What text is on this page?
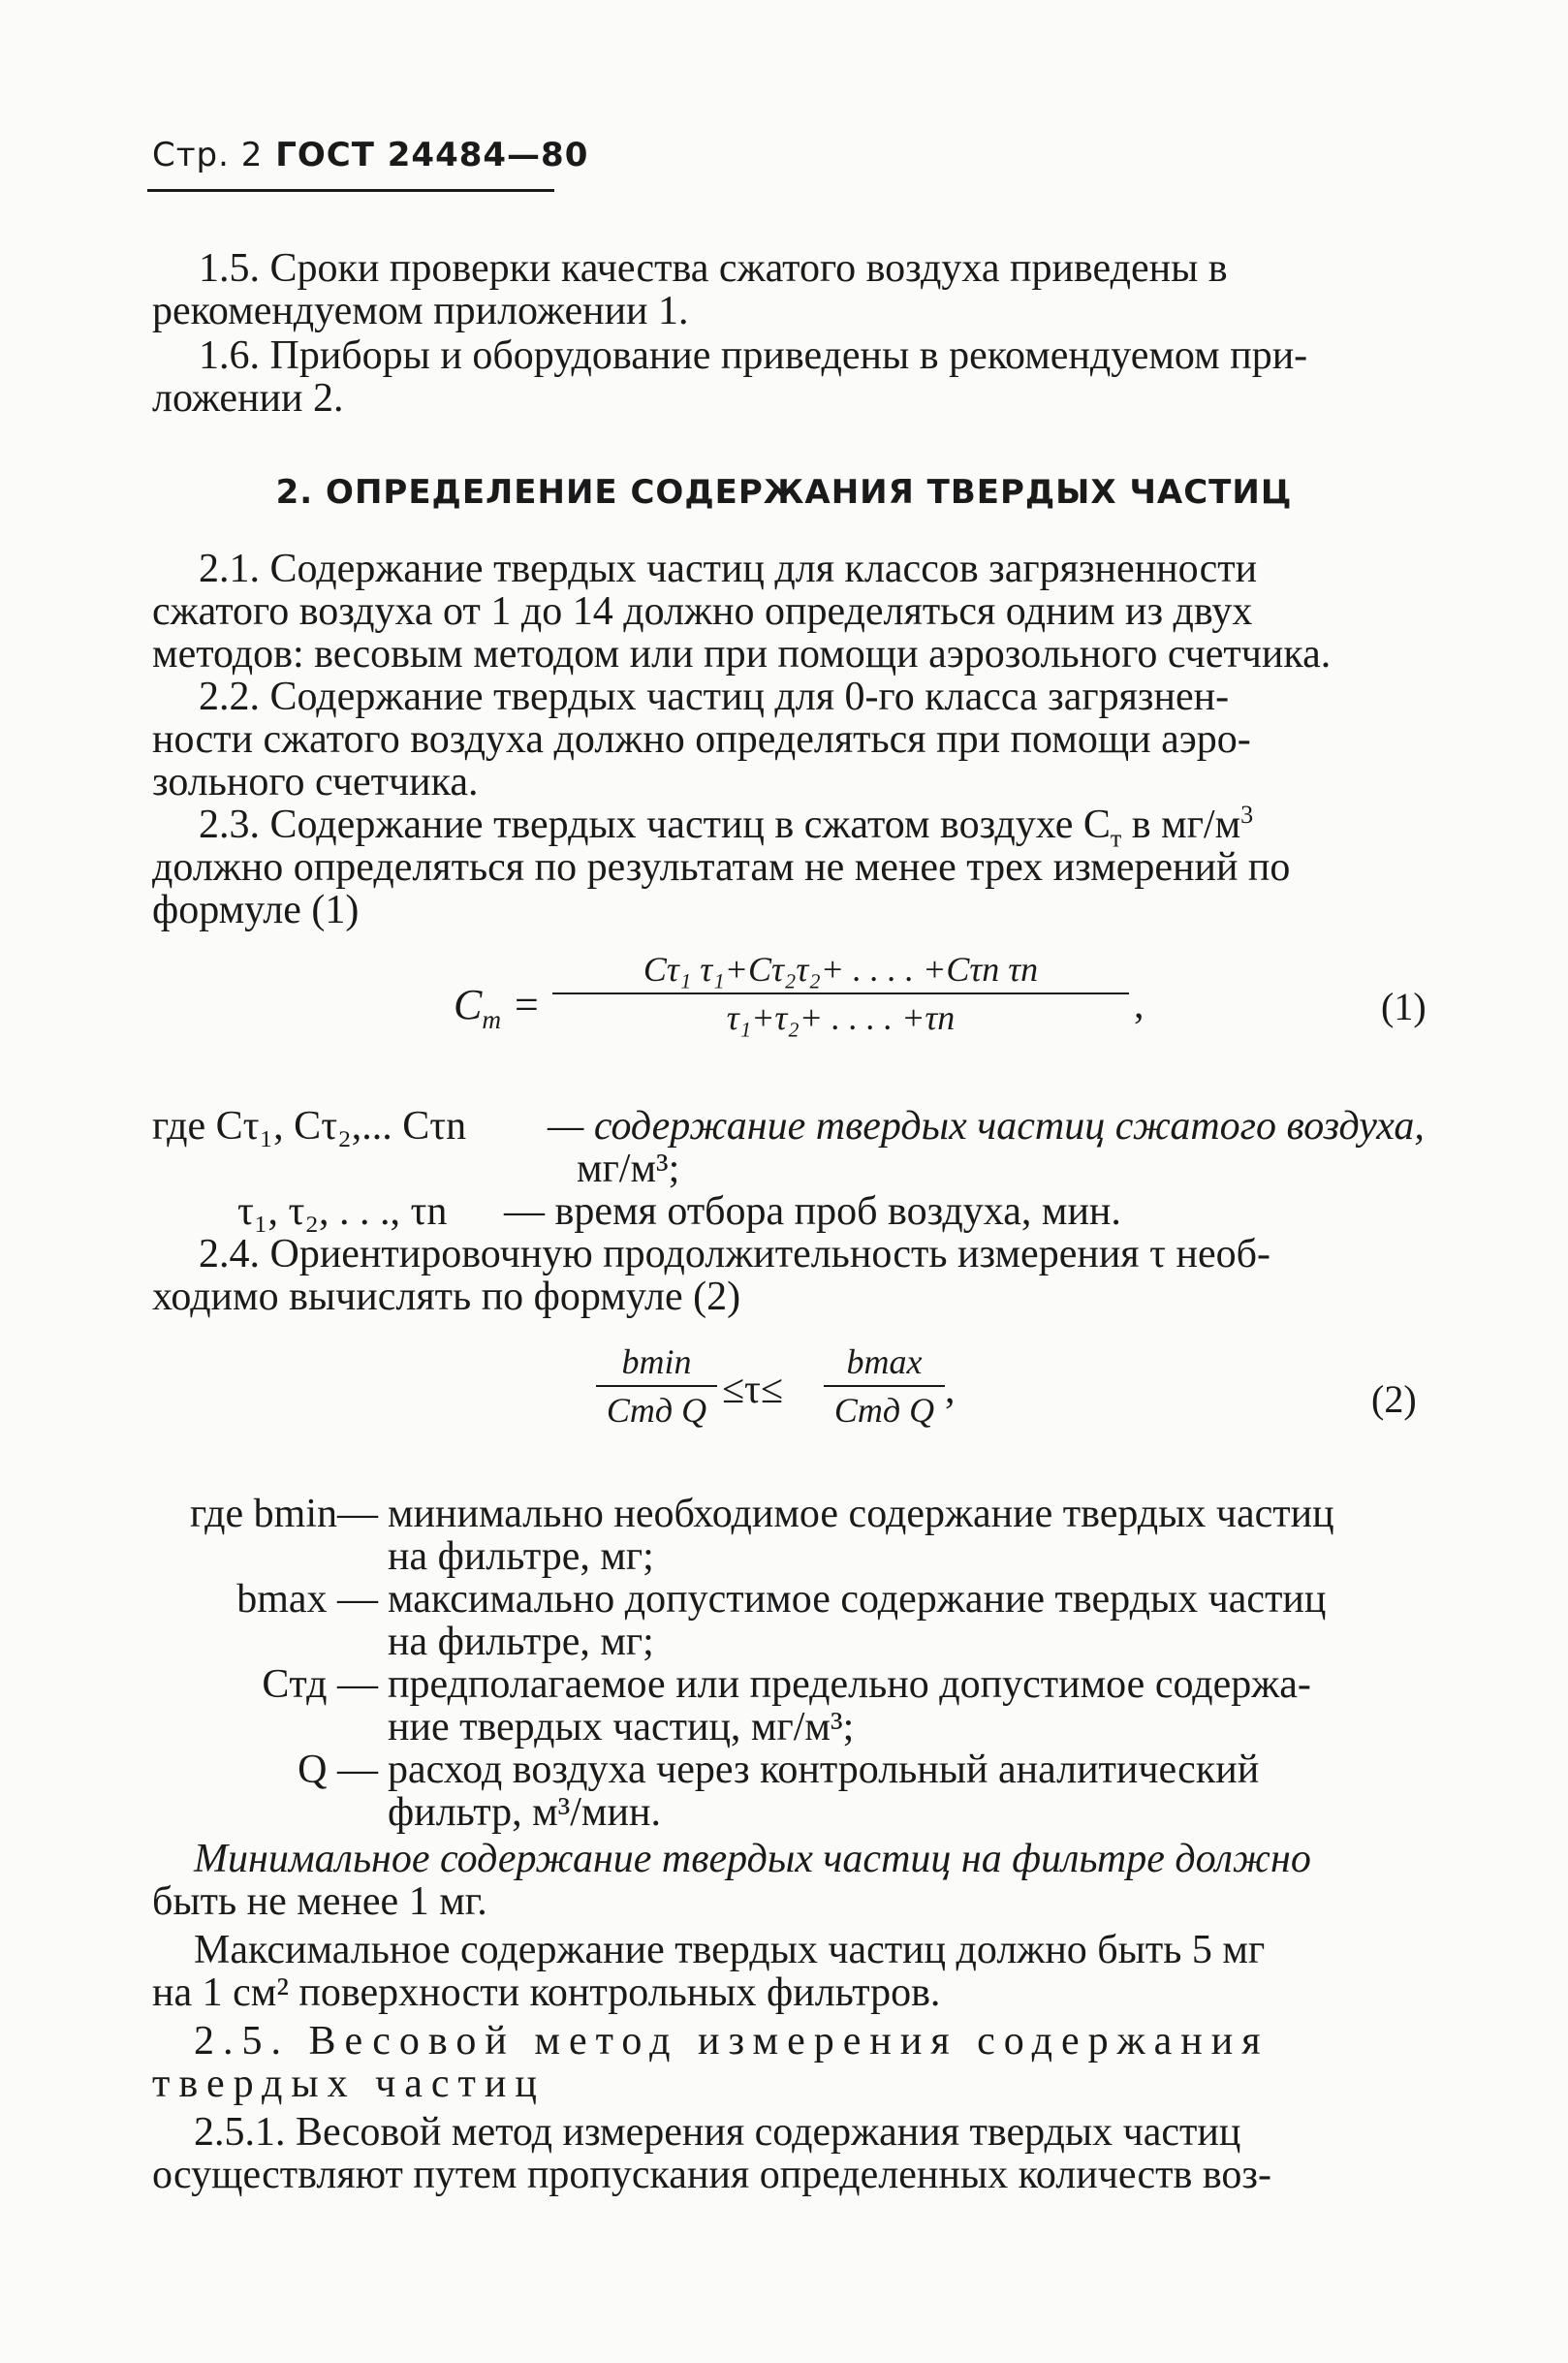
Стр. 2 ГОСТ 24484—80
1.5. Сроки проверки качества сжатого воздуха приведены в
рекомендуемом приложении 1.
1.6. Приборы и оборудование приведены в рекомендуемом при-
ложении 2.
2. ОПРЕДЕЛЕНИЕ СОДЕРЖАНИЯ ТВЕРДЫХ ЧАСТИЦ
2.1. Содержание твердых частиц для классов загрязненности
сжатого воздуха от 1 до 14 должно определяться одним из двух
методов: весовым методом или при помощи аэрозольного счетчика.
2.2. Содержание твердых частиц для 0-го класса загрязнен-
ности сжатого воздуха должно определяться при помощи аэро-
зольного счетчика.
2.3. Содержание твердых частиц в сжатом воздухе $C_т$ в $мг/м^3$
должно определяться по результатам не менее трех измерений по
формуле (1)
$C_т$ =
Cτ₁ τ₁+Cτ₂τ₂+ . . . . +Cτn τn
τ₁+τ₂+ . . . . +τn	,	(1)
где Cτ₁, Cτ₂,... Cτn — содержание твердых частиц сжатого воздуха,
мг/м³;
τ₁, τ₂, . . ., τn — время отбора проб воздуха, мин.
2.4. Ориентировочную продолжительность измерения τ необ-
ходимо вычислять по формуле (2)
bmin
Cтд Q ≤τ≤
bmax
Cтд Q ,	(2)
где bmin— минимально необходимое содержание твердых частиц
на фильтре, мг;
bmax — максимально допустимое содержание твердых частиц
на фильтре, мг;
Cтд — предполагаемое или предельно допустимое содержа-
ние твердых частиц, мг/м³;
Q — расход воздуха через контрольный аналитический
фильтр, м³/мин.
Минимальное содержание твердых частиц на фильтре должно
быть не менее 1 мг.
Максимальное содержание твердых частиц должно быть 5 мг
на 1 см² поверхности контрольных фильтров.
2.5. Весовой метод измерения содержания
твердых частиц
2.5.1. Весовой метод измерения содержания твердых частиц
осуществляют путем пропускания определенных количеств воз-
